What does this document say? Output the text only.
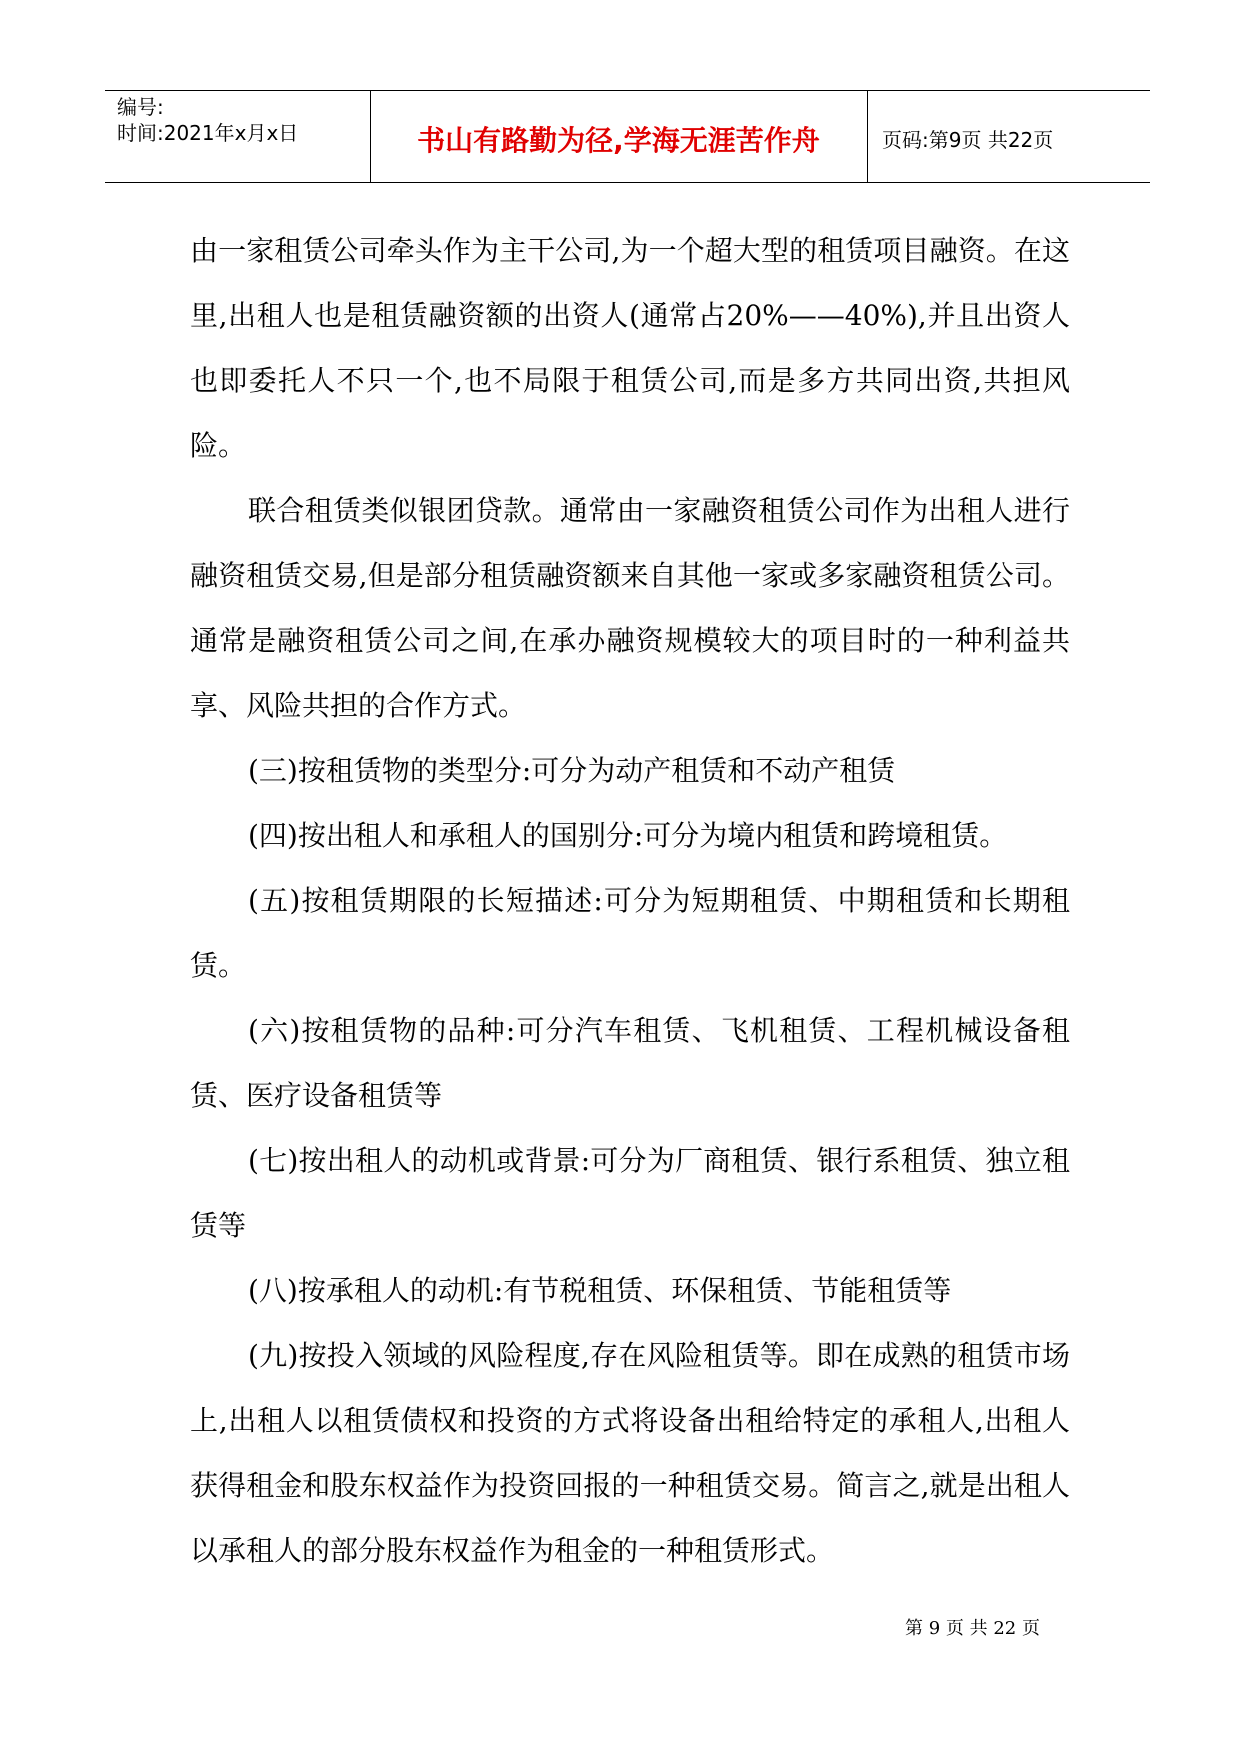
编号:
时间:2021年x月x日	书山有路勤为径,学海无涯苦作舟	页码:第9页 共22页

由一家租赁公司牵头作为主干公司,为一个超大型的租赁项目融资。在这里,出租人也是租赁融资额的出资人(通常占20%——40%),并且出资人也即委托人不只一个,也不局限于租赁公司,而是多方共同出资,共担风险。

联合租赁类似银团贷款。通常由一家融资租赁公司作为出租人进行融资租赁交易,但是部分租赁融资额来自其他一家或多家融资租赁公司。通常是融资租赁公司之间,在承办融资规模较大的项目时的一种利益共享、风险共担的合作方式。

(三)按租赁物的类型分:可分为动产租赁和不动产租赁

(四)按出租人和承租人的国别分:可分为境内租赁和跨境租赁。

(五)按租赁期限的长短描述:可分为短期租赁、中期租赁和长期租赁。

(六)按租赁物的品种:可分汽车租赁、飞机租赁、工程机械设备租赁、医疗设备租赁等

(七)按出租人的动机或背景:可分为厂商租赁、银行系租赁、独立租赁等

(八)按承租人的动机:有节税租赁、环保租赁、节能租赁等

(九)按投入领域的风险程度,存在风险租赁等。即在成熟的租赁市场上,出租人以租赁债权和投资的方式将设备出租给特定的承租人,出租人获得租金和股东权益作为投资回报的一种租赁交易。简言之,就是出租人以承租人的部分股东权益作为租金的一种租赁形式。

第 9 页 共 22 页
